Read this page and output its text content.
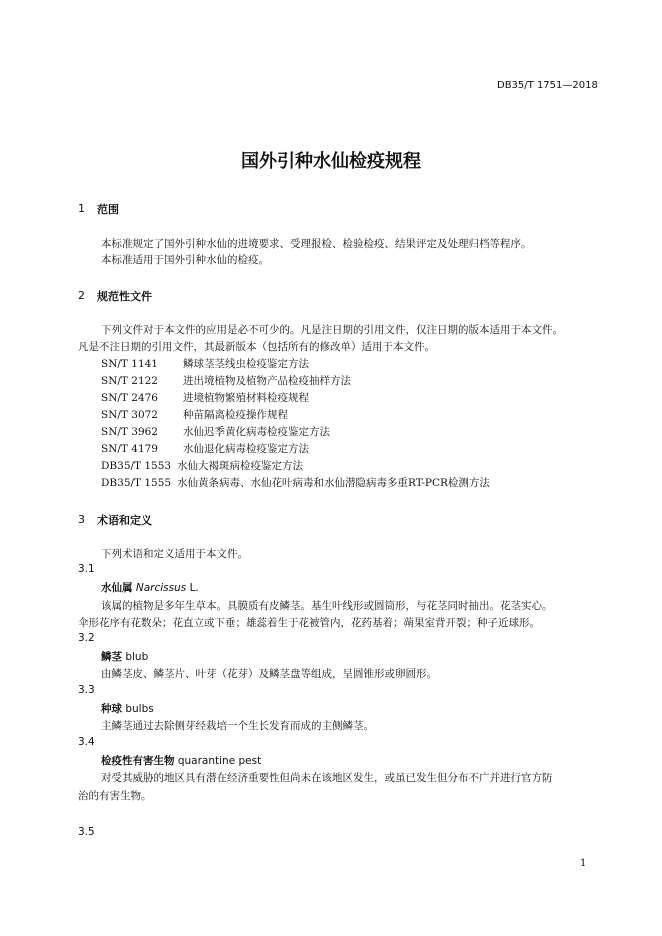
DB35/T 1751—2018
国外引种水仙检疫规程
1 范围
本标准规定了国外引种水仙的进境要求、受理报检、检验检疫、结果评定及处理归档等程序。
本标准适用于国外引种水仙的检疫。
2 规范性文件
下列文件对于本文件的应用是必不可少的。凡是注日期的引用文件，仅注日期的版本适用于本文件。
凡是不注日期的引用文件，其最新版本（包括所有的修改单）适用于本文件。
SN/T 1141 鳞球茎茎线虫检疫鉴定方法
SN/T 2122 进出境植物及植物产品检疫抽样方法
SN/T 2476 进境植物繁殖材料检疫规程
SN/T 3072 种苗隔离检疫操作规程
SN/T 3962 水仙迟季黄化病毒检疫鉴定方法
SN/T 4179 水仙退化病毒检疫鉴定方法
DB35/T 1553 水仙大褐斑病检疫鉴定方法
DB35/T 1555 水仙黄条病毒、水仙花叶病毒和水仙潜隐病毒多重RT-PCR检测方法
3 术语和定义
下列术语和定义适用于本文件。
3.1
水仙属 Narcissus L.
该属的植物是多年生草本。具膜质有皮鳞茎。基生叶线形或圆筒形，与花茎同时抽出。花茎实心。
伞形花序有花数朵；花直立或下垂；雄蕊着生于花被管内，花药基着；蒴果室背开裂；种子近球形。
3.2
鳞茎 blub
由鳞茎皮、鳞茎片、叶芽（花芽）及鳞茎盘等组成，呈圆锥形或卵圆形。
3.3
种球 bulbs
主鳞茎通过去除侧芽经栽培一个生长发育而成的主侧鳞茎。
3.4
检疫性有害生物 quarantine pest
对受其威胁的地区具有潜在经济重要性但尚未在该地区发生，或虽已发生但分布不广并进行官方防
治的有害生物。
3.5
1
